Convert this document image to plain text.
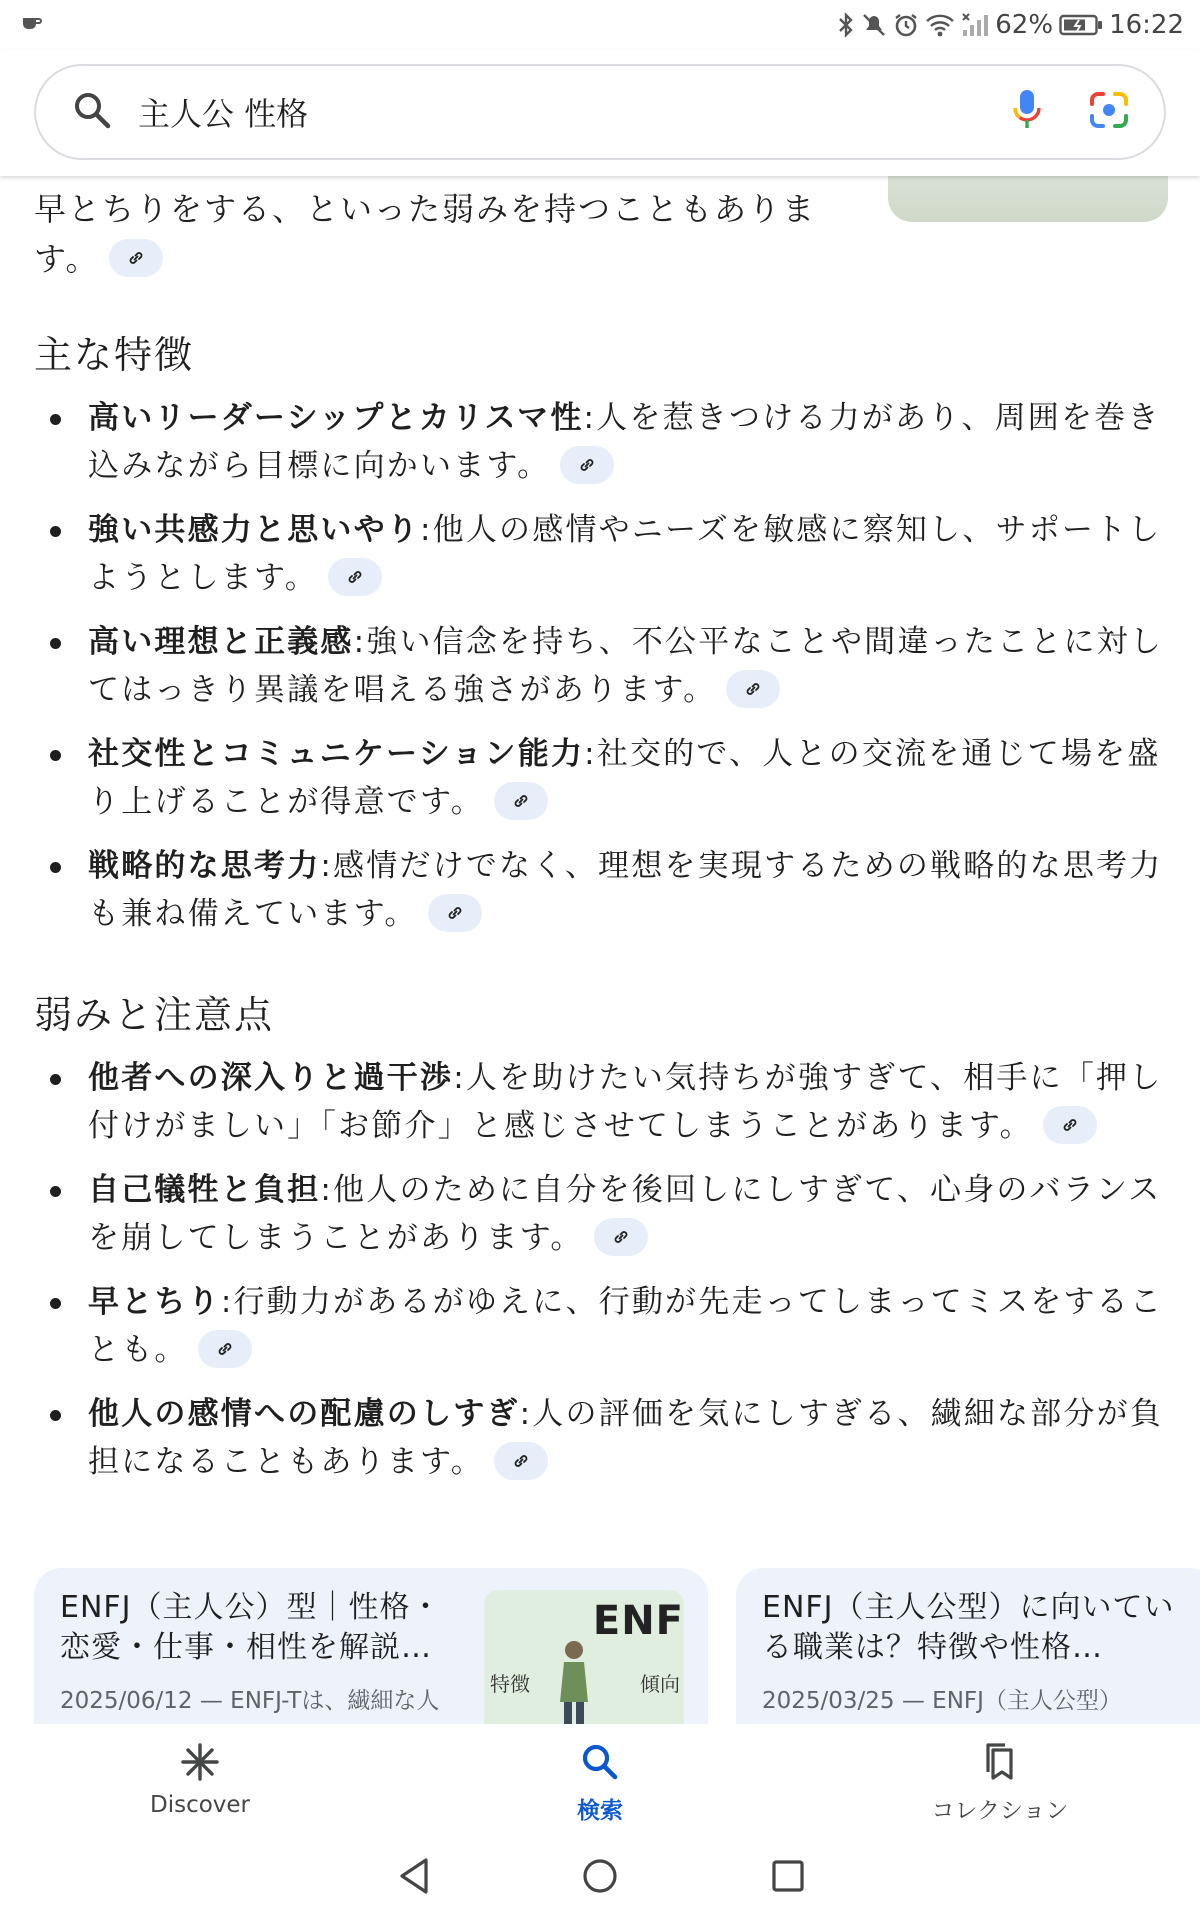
62% 16:22
主人公 性格
早とちりをする、といった弱みを持つこともあります。
主な特徴
高いリーダーシップとカリスマ性:人を惹きつける力があり、周囲を巻き込みながら目標に向かいます。
強い共感力と思いやり:他人の感情やニーズを敏感に察知し、サポートしようとします。
高い理想と正義感:強い信念を持ち、不公平なことや間違ったことに対してはっきり異議を唱える強さがあります。
社交性とコミュニケーション能力:社交的で、人との交流を通じて場を盛り上げることが得意です。
戦略的な思考力:感情だけでなく、理想を実現するための戦略的な思考力も兼ね備えています。
弱みと注意点
他者への深入りと過干渉:人を助けたい気持ちが強すぎて、相手に「押し付けがましい」「お節介」と感じさせてしまうことがあります。
自己犠牲と負担:他人のために自分を後回しにしすぎて、心身のバランスを崩してしまうことがあります。
早とちり:行動力があるがゆえに、行動が先走ってしまってミスをすることも。
他人の感情への配慮のしすぎ:人の評価を気にしすぎる、繊細な部分が負担になることもあります。
ENFJ（主人公）型｜性格・恋愛・仕事・相性を解説…
2025/06/12 — ENFJ-Tは、繊細な人
ENF
特徴	傾向
ENFJ（主人公型）に向いている職業は？特徴や性格…
2025/03/25 — ENFJ（主人公型）
Discover	検索	コレクション
